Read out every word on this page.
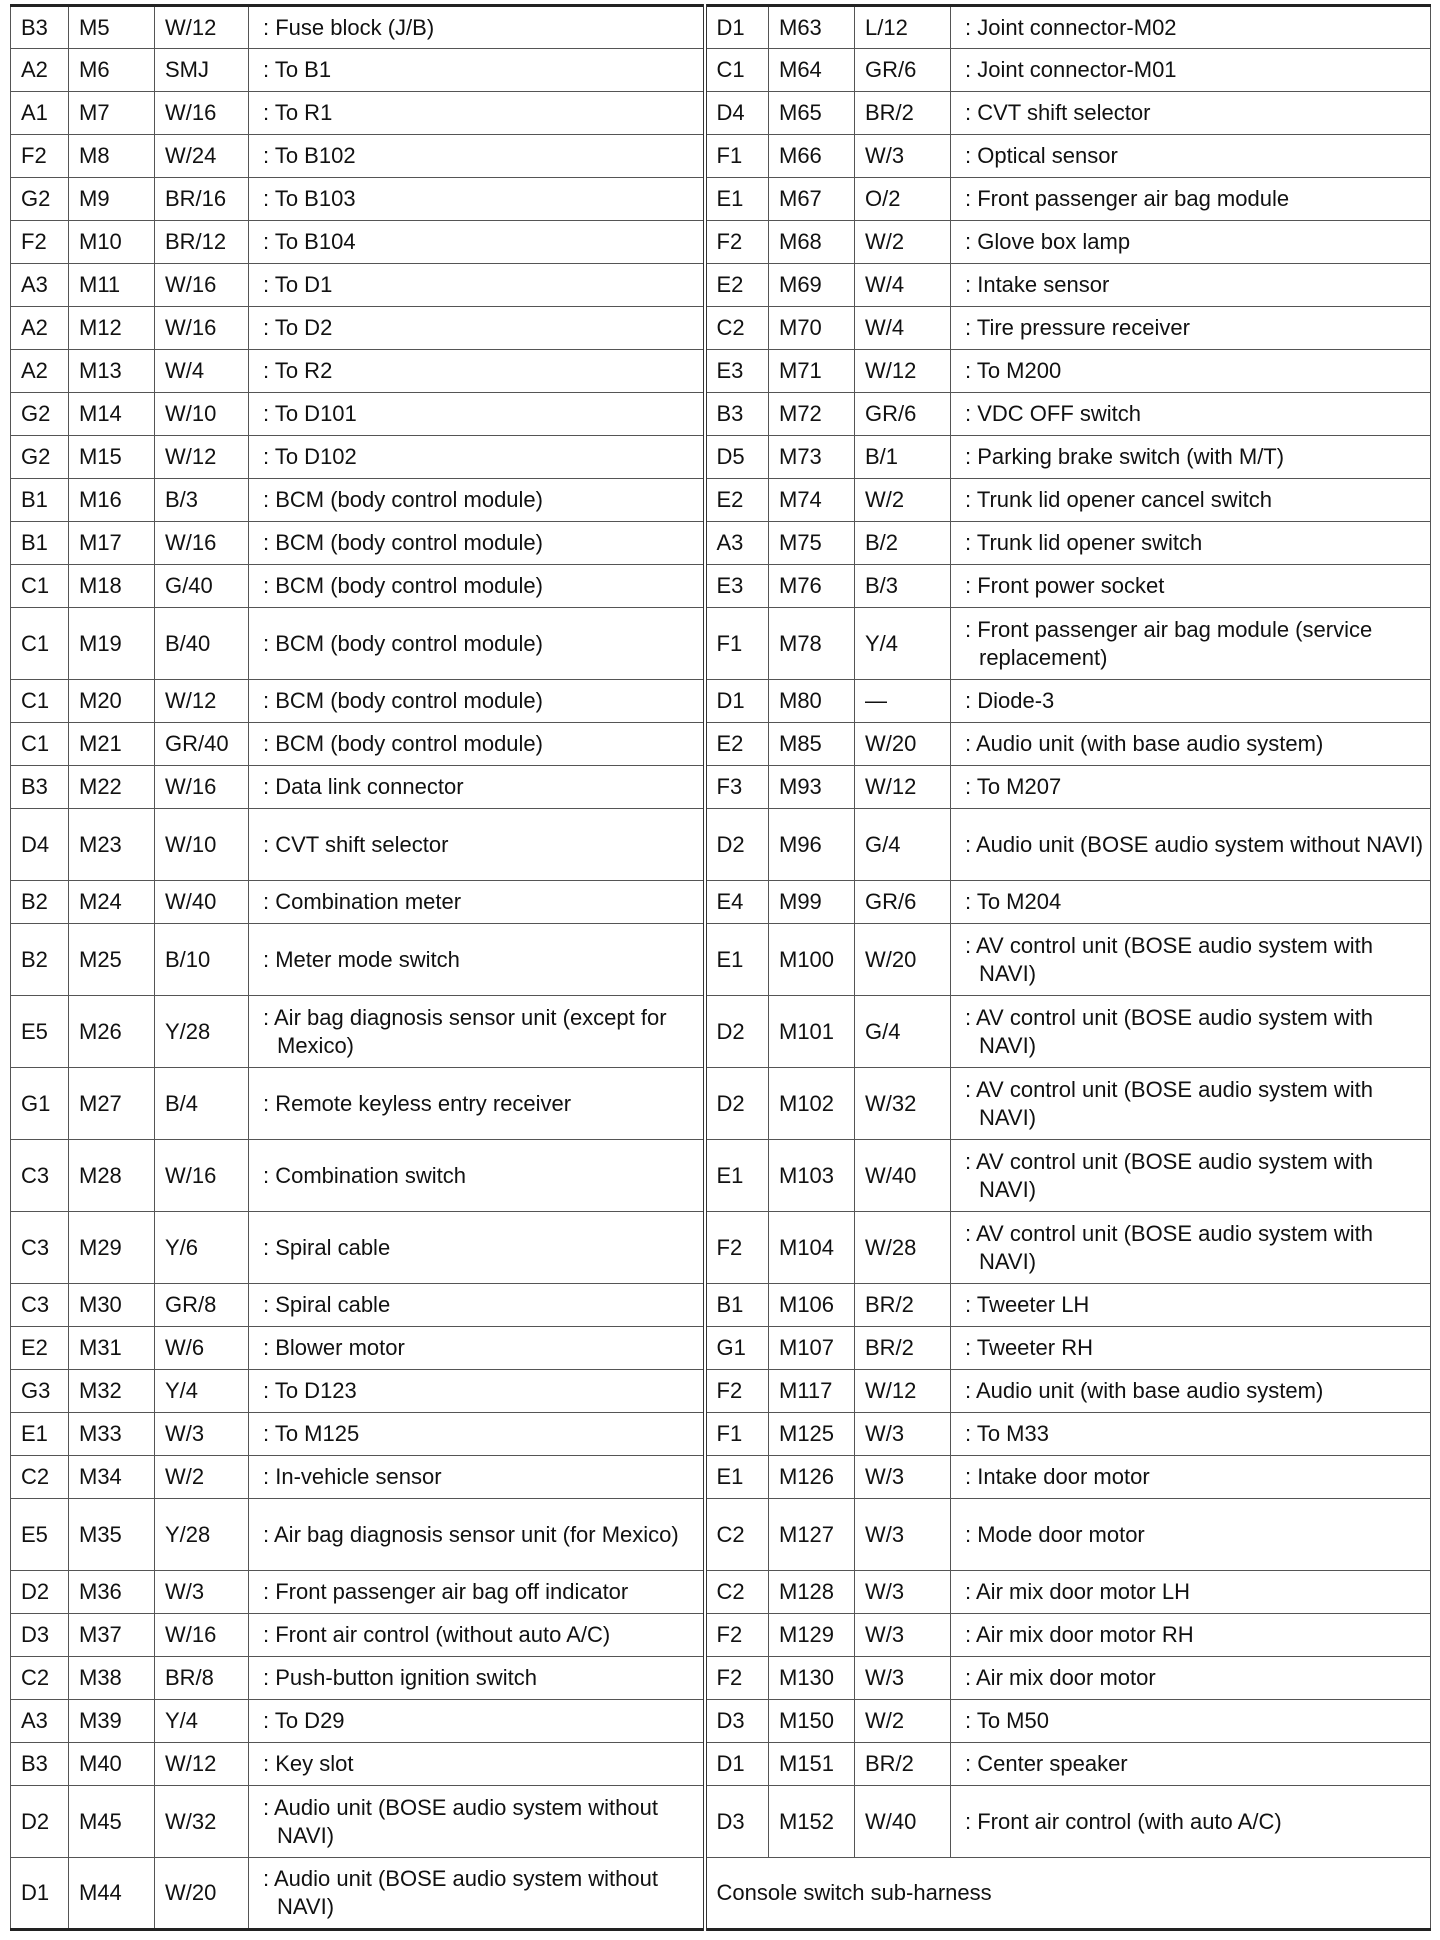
B3	M5	W/12	: Fuse block (J/B)	D1	M63	L/12	: Joint connector-M02

A2	M6	SMJ	: To B1	C1	M64	GR/6	: Joint connector-M01

A1	M7	W/16	: To R1	D4	M65	BR/2	: CVT shift selector

F2	M8	W/24	: To B102	F1	M66	W/3	: Optical sensor

G2	M9	BR/16	: To B103	E1	M67	O/2	: Front passenger air bag module

F2	M10	BR/12	: To B104	F2	M68	W/2	: Glove box lamp

A3	M11	W/16	: To D1	E2	M69	W/4	: Intake sensor

A2	M12	W/16	: To D2	C2	M70	W/4	: Tire pressure receiver

A2	M13	W/4	: To R2	E3	M71	W/12	: To M200

G2	M14	W/10	: To D101	B3	M72	GR/6	: VDC OFF switch

G2	M15	W/12	: To D102	D5	M73	B/1	: Parking brake switch (with M/T)

B1	M16	B/3	: BCM (body control module)	E2	M74	W/2	: Trunk lid opener cancel switch

B1	M17	W/16	: BCM (body control module)	A3	M75	B/2	: Trunk lid opener switch

C1	M18	G/40	: BCM (body control module)	E3	M76	B/3	: Front power socket

C1	M19	B/40	: BCM (body control module)	F1	M78	Y/4	: Front passenger air bag module (service replacement)

C1	M20	W/12	: BCM (body control module)	D1	M80	—	: Diode-3

C1	M21	GR/40	: BCM (body control module)	E2	M85	W/20	: Audio unit (with base audio system)

B3	M22	W/16	: Data link connector	F3	M93	W/12	: To M207

D4	M23	W/10	: CVT shift selector	D2	M96	G/4	: Audio unit (BOSE audio system without NAVI)

B2	M24	W/40	: Combination meter	E4	M99	GR/6	: To M204

B2	M25	B/10	: Meter mode switch	E1	M100	W/20	: AV control unit (BOSE audio system with NAVI)

E5	M26	Y/28	: Air bag diagnosis sensor unit (except for Mexico)	D2	M101	G/4	: AV control unit (BOSE audio system with NAVI)

G1	M27	B/4	: Remote keyless entry receiver	D2	M102	W/32	: AV control unit (BOSE audio system with NAVI)

C3	M28	W/16	: Combination switch	E1	M103	W/40	: AV control unit (BOSE audio system with NAVI)

C3	M29	Y/6	: Spiral cable	F2	M104	W/28	: AV control unit (BOSE audio system with NAVI)

C3	M30	GR/8	: Spiral cable	B1	M106	BR/2	: Tweeter LH

E2	M31	W/6	: Blower motor	G1	M107	BR/2	: Tweeter RH

G3	M32	Y/4	: To D123	F2	M117	W/12	: Audio unit (with base audio system)

E1	M33	W/3	: To M125	F1	M125	W/3	: To M33

C2	M34	W/2	: In-vehicle sensor	E1	M126	W/3	: Intake door motor

E5	M35	Y/28	: Air bag diagnosis sensor unit (for Mexico)	C2	M127	W/3	: Mode door motor

D2	M36	W/3	: Front passenger air bag off indicator	C2	M128	W/3	: Air mix door motor LH

D3	M37	W/16	: Front air control (without auto A/C)	F2	M129	W/3	: Air mix door motor RH

C2	M38	BR/8	: Push-button ignition switch	F2	M130	W/3	: Air mix door motor

A3	M39	Y/4	: To D29	D3	M150	W/2	: To M50

B3	M40	W/12	: Key slot	D1	M151	BR/2	: Center speaker

D2	M45	W/32	: Audio unit (BOSE audio system without NAVI)	D3	M152	W/40	: Front air control (with auto A/C)

D1	M44	W/20	: Audio unit (BOSE audio system without NAVI)	Console switch sub-harness			
